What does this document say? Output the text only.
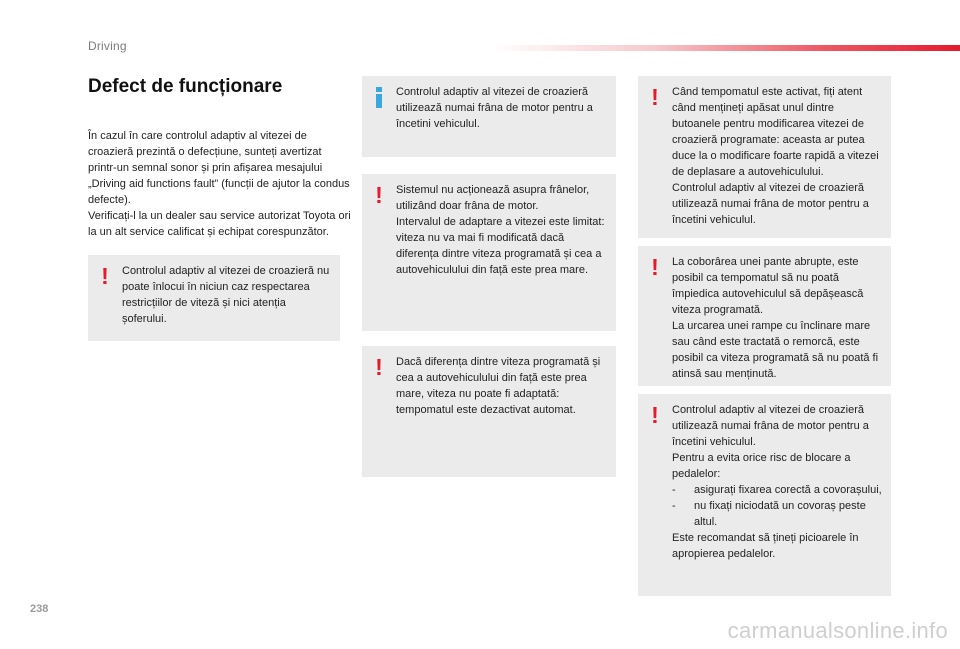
Driving
Defect de funcționare

În cazul în care controlul adaptiv al vitezei de croazieră prezintă o defecțiune, sunteți avertizat printr-un semnal sonor și prin afișarea mesajului „Driving aid functions fault” (funcții de ajutor la condus defecte).

Verificați-l la un dealer sau service autorizat Toyota ori la un alt service calificat și echipat corespunzător.

! Controlul adaptiv al vitezei de croazieră nu poate înlocui în niciun caz respectarea restricțiilor de viteză și nici atenția șoferului.

Controlul adaptiv al vitezei de croazieră utilizează numai frâna de motor pentru a încetini vehiculul.

! Sistemul nu acționează asupra frânelor, utilizând doar frâna de motor.

Intervalul de adaptare a vitezei este limitat: viteza nu va mai fi modificată dacă diferența dintre viteza programată și cea a autovehiculului din față este prea mare.

! Dacă diferența dintre viteza programată și cea a autovehiculului din față este prea mare, viteza nu poate fi adaptată: tempomatul este dezactivat automat.

! Când tempomatul este activat, fiți atent când mențineți apăsat unul dintre butoanele pentru modificarea vitezei de croazieră programate: aceasta ar putea duce la o modificare foarte rapidă a vitezei de deplasare a autovehiculului.

Controlul adaptiv al vitezei de croazieră utilizează numai frâna de motor pentru a încetini vehiculul.

! La coborârea unei pante abrupte, este posibil ca tempomatul să nu poată împiedica autovehiculul să depășească viteza programată.

La urcarea unei rampe cu înclinare mare sau când este tractată o remorcă, este posibil ca viteza programată să nu poată fi atinsă sau menținută.

! Controlul adaptiv al vitezei de croazieră utilizează numai frâna de motor pentru a încetini vehiculul.

Pentru a evita orice risc de blocare a pedalelor:

-	asigurați fixarea corectă a covorașului,
-	nu fixați niciodată un covoraș peste altul.

Este recomandat să țineți picioarele în apropierea pedalelor.

238
carmanualsonline.info
